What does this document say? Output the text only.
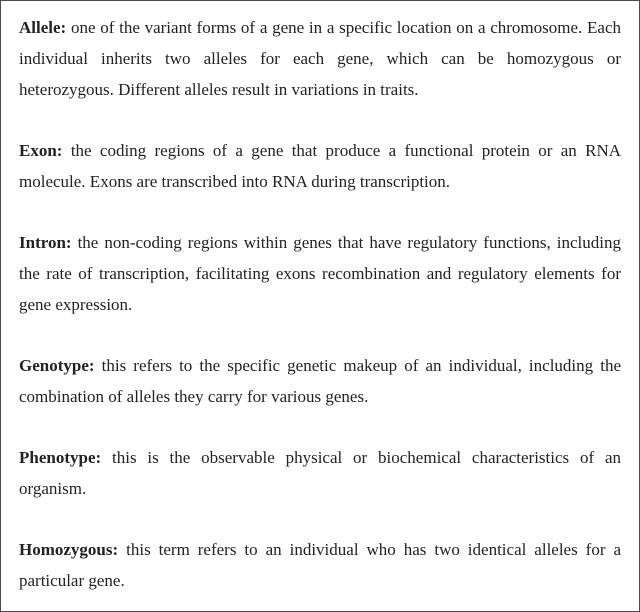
Allele: one of the variant forms of a gene in a specific location on a chromosome. Each individual inherits two alleles for each gene, which can be homozygous or heterozygous. Different alleles result in variations in traits.

Exon: the coding regions of a gene that produce a functional protein or an RNA molecule. Exons are transcribed into RNA during transcription.

Intron: the non-coding regions within genes that have regulatory functions, including the rate of transcription, facilitating exons recombination and regulatory elements for gene expression.

Genotype: this refers to the specific genetic makeup of an individual, including the combination of alleles they carry for various genes.

Phenotype: this is the observable physical or biochemical characteristics of an organism.

Homozygous: this term refers to an individual who has two identical alleles for a particular gene.
